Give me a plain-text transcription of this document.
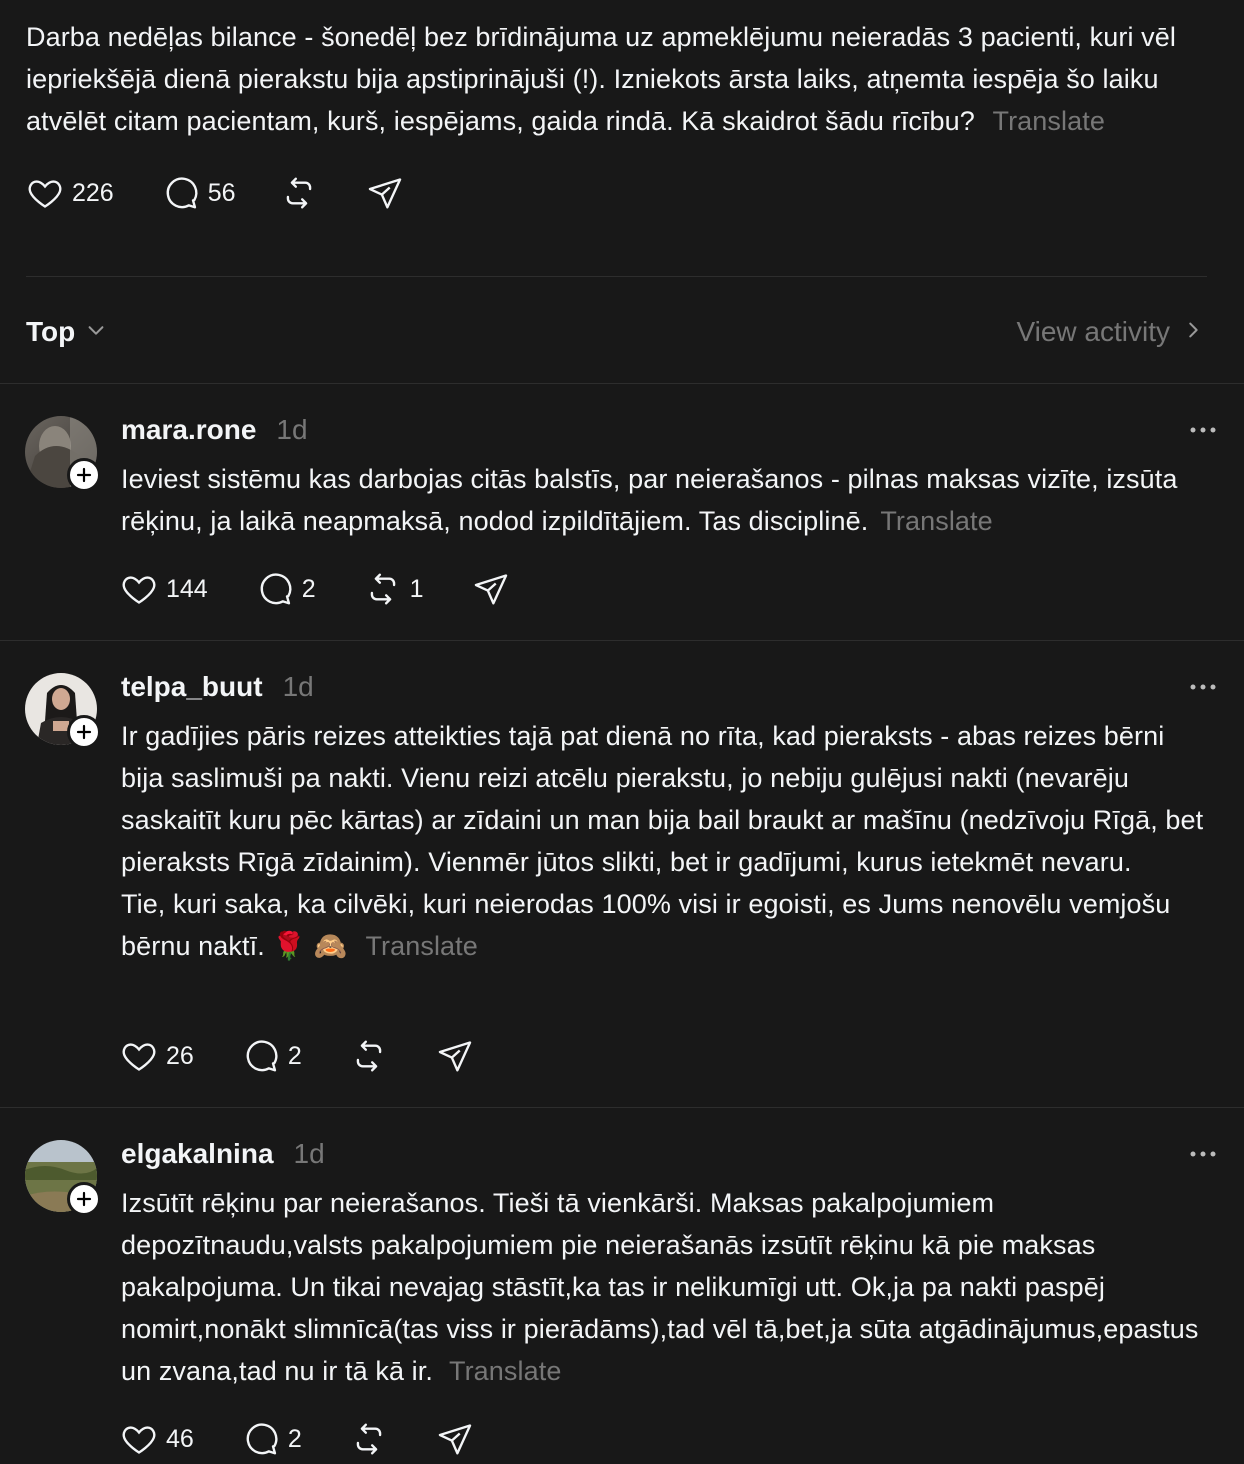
Darba nedēļas bilance - šonedēļ bez brīdinājuma uz apmeklējumu neieradās 3 pacienti, kuri vēl iepriekšējā dienā pierakstu bija apstiprinājuši (!). Izniekots ārsta laiks, atņemta iespēja šo laiku atvēlēt citam pacientam, kurš, iespējams, gaida rindā. Kā skaidrot šādu rīcību? Translate
226	56
Top	View activity
mara.rone 1d
Ieviest sistēmu kas darbojas citās balstīs, par neierašanos - pilnas maksas vizīte, izsūta rēķinu, ja laikā neapmaksā, nodod izpildītājiem. Tas disciplinē. Translate
144	2	1
telpa_buut 1d
Ir gadījies pāris reizes atteikties tajā pat dienā no rīta, kad pieraksts - abas reizes bērni bija saslimuši pa nakti. Vienu reizi atcēlu pierakstu, jo nebiju gulējusi nakti (nevarēju saskaitīt kuru pēc kārtas) ar zīdaini un man bija bail braukt ar mašīnu (nedzīvoju Rīgā, bet pieraksts Rīgā zīdainim). Vienmēr jūtos slikti, bet ir gadījumi, kurus ietekmēt nevaru.
Tie, kuri saka, ka cilvēki, kuri neierodas 100% visi ir egoisti, es Jums nenovēlu vemjošu bērnu naktī. 🌹 🙈 Translate
26	2
elgakalnina 1d
Izsūtīt rēķinu par neierašanos. Tieši tā vienkārši. Maksas pakalpojumiem depozītnaudu,valsts pakalpojumiem pie neierašanās izsūtīt rēķinu kā pie maksas pakalpojuma. Un tikai nevajag stāstīt,ka tas ir nelikumīgi utt. Ok,ja pa nakti paspēj nomirt,nonākt slimnīcā(tas viss ir pierādāms),tad vēl tā,bet,ja sūta atgādinājumus,epastus un zvana,tad nu ir tā kā ir. Translate
46	2
